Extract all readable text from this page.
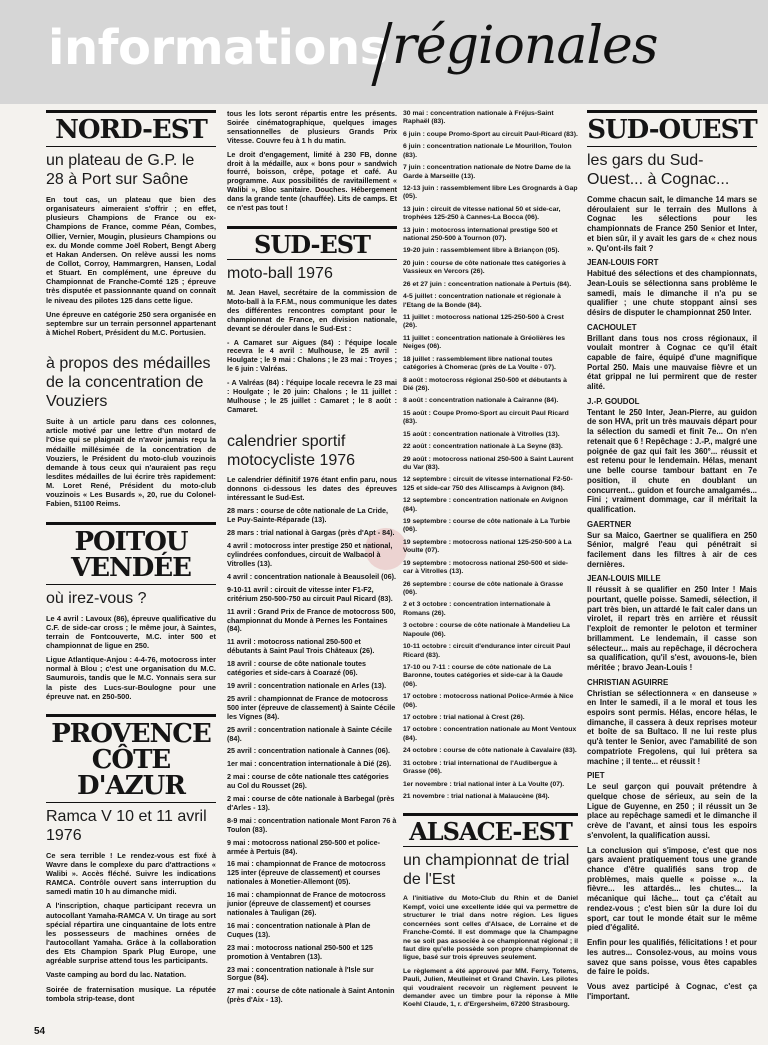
informations régionales
NORD-EST
un plateau de G.P. le 28 à Port sur Saône

En tout cas, un plateau que bien des organisateurs aimeraient s'offrir ; en effet, plusieurs Champions de France ou ex-Champions de France, comme Péan, Combes, Ollier, Vernier, Mougin, plusieurs Champions ou ex. du Monde comme Joël Robert, Bengt Aberg et Hakan Andersen. On relève aussi les noms de Collot, Corroy, Hammargren, Hansen, Lodal et Stuart. En complément, une épreuve du Championnat de Franche-Comté 125 ; épreuve très disputée et passionnante quand on connaît le niveau des pilotes 125 dans cette ligue.

Une épreuve en catégorie 250 sera organisée en septembre sur un terrain personnel appartenant à Michel Robert, Président du M.C. Portusien.

à propos des médailles de la concentration de Vouziers

Suite à un article paru dans ces colonnes, article motivé par une lettre d'un motard de l'Oise qui se plaignait de n'avoir jamais reçu la médaille millésimée de la concentration de Vouziers, le Président du moto-club vouzinois demande à tous ceux qui n'auraient pas reçu lesdites médailles de lui écrire très rapidement: M. Loret René, Président du moto-club vouzinois « Les Busards », 20, rue du Colonel-Fabien, 51100 Reims.

POITOU VENDÉE
où irez-vous ?

Le 4 avril : Lavoux (86), épreuve qualificative du C.F. de side-car cross ; le même jour, à Saintes, terrain de Fontcouverte, M.C. inter 500 et championnat de ligue en 250.

Ligue Atlantique-Anjou : 4-4-76, motocross inter normal à Blou ; c'est une organisation du M.C. Saumurois, tandis que le M.C. Yonnais sera sur la piste des Lucs-sur-Boulogne pour une épreuve nat. en 250-500.

PROVENCE CÔTE D'AZUR
Ramca V 10 et 11 avril 1976

Ce sera terrible ! Le rendez-vous est fixé à Wavre dans le complexe du parc d'attractions « Walibi ». Accès fléché. Suivre les indications RAMCA. Contrôle ouvert sans interruption du samedi matin 10 h au dimanche midi.

A l'inscription, chaque participant recevra un autocollant Yamaha-RAMCA V. Un tirage au sort spécial répartira une cinquantaine de lots entre les possesseurs de machines ornées de l'autocollant Yamaha. Grâce à la collaboration des Ets Champion Spark Plug Europe, une agréable surprise attend tous les participants.

Vaste camping au bord du lac. Natation.

Soirée de fraternisation musique. La réputée tombola strip-tease, dont

tous les lots seront répartis entre les présents. Soirée cinématographique, quelques images sensationnelles de plusieurs Grands Prix Vitesse. Couvre feu à 1 h du matin.

Le droit d'engagement, limité à 230 FB, donne droit à la médaille, aux « bons pour » sandwich fourré, boisson, crêpe, potage et café. Au programme. Aux possibilités de ravitaillement « Walibi », Bloc sanitaire. Douches. Hébergement dans la grande tente (chauffée). Lits de camps. Et ce n'est pas tout !

SUD-EST
moto-ball 1976

M. Jean Havel, secrétaire de la commission de Moto-ball à la F.F.M., nous communique les dates des différentes rencontres comptant pour le championnat de France, en division nationale, devant se dérouler dans le Sud-Est :

- A Camaret sur Aigues (84) : l'équipe locale recevra le 4 avril : Mulhouse, le 25 avril : Houlgate ; le 9 mai : Chalons ; le 23 mai : Troyes ; le 6 juin : Valréas.

- A Valréas (84) : l'équipe locale recevra le 23 mai : Houlgate ; le 20 juin: Chalons ; le 11 juillet : Mulhouse ; le 25 juillet : Camaret ; le 8 août : Camaret.

calendrier sportif motocycliste 1976

Le calendrier définitif 1976 étant enfin paru, nous donnons ci-dessous les dates des épreuves intéressant le Sud-Est.

28 mars : course de côte nationale de La Cride, Le Puy-Sainte-Réparade (13).

28 mars : trial national à Gargas (près d'Apt - 84).

4 avril : motocross inter prestige 250 et national, cylindrées confondues, circuit de Walbacol à Vitrolles (13).

4 avril : concentration nationale à Beausoleil (06).

9-10-11 avril : circuit de vitesse inter F1-F2, critérium 250-500-750 au circuit Paul Ricard (83).

11 avril : Grand Prix de France de motocross 500, championnat du Monde à Pernes les Fontaines (84).

11 avril : motocross national 250-500 et débutants à Saint Paul Trois Châteaux (26).

18 avril : course de côte nationale toutes catégories et side-cars à Coarazé (06).

19 avril : concentration nationale en Arles (13).

25 avril : championnat de France de motocross 500 inter (épreuve de classement) à Sainte Cécile les Vignes (84).

25 avril : concentration nationale à Sainte Cécile (84).

25 avril : concentration nationale à Cannes (06).

1er mai : concentration internationale à Dié (26).

2 mai : course de côte nationale ttes catégories au Col du Rousset (26).

2 mai : course de côte nationale à Barbegal (près d'Arles - 13).

8-9 mai : concentration nationale Mont Faron 76 à Toulon (83).

9 mai : motocross national 250-500 et police-armée à Pertuis (84).

16 mai : championnat de France de motocross 125 inter (épreuve de classement) et courses nationales à Monetier-Allemont (05).

16 mai : championnat de France de motocross junior (épreuve de classement) et courses nationales à Tauligan (26).

16 mai : concentration nationale à Plan de Cuques (13).

23 mai : motocross national 250-500 et 125 promotion à Ventabren (13).

23 mai : concentration nationale à l'Isle sur Sorgue (84).

27 mai : course de côte nationale à Saint Antonin (près d'Aix - 13).

30 mai : concentration nationale à Fréjus-Saint Raphaël (83).

6 juin : coupe Promo-Sport au circuit Paul-Ricard (83).

6 juin : concentration nationale Le Mourillon, Toulon (83).

7 juin : concentration nationale de Notre Dame de la Garde à Marseille (13).

12-13 juin : rassemblement libre Les Grognards à Gap (05).

13 juin : circuit de vitesse national 50 et side-car, trophées 125-250 à Cannes-La Bocca (06).

13 juin : motocross international prestige 500 et national 250-500 à Tournon (07).

19-20 juin : rassemblement libre à Briançon (05).

20 juin : course de côte nationale ttes catégories à Vassieux en Vercors (26).

26 et 27 juin : concentration nationale à Pertuis (84).

4-5 juillet : concentration nationale et régionale à l'Etang de la Bonde (84).

11 juillet : motocross national 125-250-500 à Crest (26).

11 juillet : concentration nationale à Gréolières les Neiges (06).

18 juillet : rassemblement libre national toutes catégories à Chomerac (près de La Voulte - 07).

8 août : motocross régional 250-500 et débutants à Dié (26).

8 août : concentration nationale à Cairanne (84).

15 août : Coupe Promo-Sport au circuit Paul Ricard (83).

15 août : concentration nationale à Vitrolles (13).

22 août : concentration nationale à La Seyne (83).

29 août : motocross national 250-500 à Saint Laurent du Var (83).

12 septembre : circuit de vitesse international F2-50-125 et side-car 750 des Alliscamps à Avignon (84).

12 septembre : concentration nationale en Avignon (84).

19 septembre : course de côte nationale à La Turbie (06).

19 septembre : motocross national 125-250-500 à La Voulte (07).

19 septembre : motocross national 250-500 et side-car à Vitrolles (13).

26 septembre : course de côte nationale à Grasse (06).

2 et 3 octobre : concentration internationale à Romans (26).

3 octobre : course de côte nationale à Mandelieu La Napoule (06).

10-11 octobre : circuit d'endurance inter circuit Paul Ricard (83).

17-10 ou 7-11 : course de côte nationale de La Baronne, toutes catégories et side-car à la Gaude (06).

17 octobre : motocross national Police-Armée à Nice (06).

17 octobre : trial national à Crest (26).

17 octobre : concentration nationale au Mont Ventoux (84).

24 octobre : course de côte nationale à Cavalaire (83).

31 octobre : trial international de l'Audibergue à Grasse (06).

1er novembre : trial national inter à La Voulte (07).

21 novembre : trial national à Malaucène (84).

ALSACE-EST
un championnat de trial de l'Est

A l'initiative du Moto-Club du Rhin et de Daniel Kempf, voici une excellente idée qui va permettre de structurer le trial dans notre région. Les ligues concernées sont celles d'Alsace, de Lorraine et de Franche-Comté. Il est dommage que la Champagne ne se soit pas associée à ce championnat régional ; il faut dire qu'elle possède son propre championnat de ligue, basé sur trois épreuves seulement.

Le règlement a été approuvé par MM. Ferry, Totems, Pauli, Julien, Meulleinet et Grand Chavin. Les pilotes qui voudraient recevoir un règlement peuvent le demander avec un timbre pour la réponse à Mlle Koehl Claude, 1, r. d'Ergersheim, 67200 Strasbourg.

SUD-OUEST
les gars du Sud-Ouest... à Cognac...

Comme chacun sait, le dimanche 14 mars se déroulaient sur le terrain des Mullons à Cognac les sélections pour les championnats de France 250 Senior et Inter, et bien sûr, il y avait les gars de « chez nous ». Qu'ont-ils fait ?

JEAN-LOUIS FORT

Habitué des sélections et des championnats, Jean-Louis se sélectionna sans problème le samedi, mais le dimanche il n'a pu se qualifier ; une chute stoppant ainsi ses désirs de disputer le championnat 250 Inter.

CACHOULET

Brillant dans tous nos cross régionaux, il voulait montrer à Cognac ce qu'il était capable de faire, équipé d'une magnifique Portal 250. Mais une mauvaise fièvre et un état grippal ne lui permirent que de rester alité.

J.-P. GOUDOL

Tentant le 250 Inter, Jean-Pierre, au guidon de son HVA, prit un très mauvais départ pour la sélection du samedi et finit 7e... On n'en retenait que 6 ! Repêchage : J.-P., malgré une poignée de gaz qui fait les 360°... réussit et est retenu pour le lendemain. Hélas, menant une belle course tambour battant en 7e position, il chute en doublant un concurrent... guidon et fourche amalgamés... Fini ; vraiment dommage, car il méritait la qualification.

GAERTNER

Sur sa Maico, Gaertner se qualifiera en 250 Sénior, malgré l'eau qui pénétrait si facilement dans les filtres à air de ces dernières.

JEAN-LOUIS MILLE

Il réussit à se qualifier en 250 Inter ! Mais pourtant, quelle poisse. Samedi, sélection, il part très bien, un attardé le fait caler dans un virolet, il repart très en arrière et réussit l'exploit de remonter le peloton et terminer brillamment. Le lendemain, il casse son sélecteur... mais au repêchage, il décrochera sa qualification, qu'il s'est, avouons-le, bien méritée ; bravo Jean-Louis !

CHRISTIAN AGUIRRE

Christian se sélectionnera « en danseuse » en Inter le samedi, il a le moral et tous les espoirs sont permis. Hélas, encore hélas, le dimanche, il cassera à deux reprises moteur et boîte de sa Bultaco. Il ne lui reste plus qu'à tenter le Senior, avec l'amabilité de son compatriote Fregolens, qui lui prêtera sa machine ; il tente... et réussit !

PIET

Le seul garçon qui pouvait prétendre à quelque chose de sérieux, au sein de la Ligue de Guyenne, en 250 ; il réussit un 3e place au repêchage samedi et le dimanche il crève de l'avant, et ainsi tous les espoirs s'envolent, la qualification aussi.

La conclusion qui s'impose, c'est que nos gars avaient pratiquement tous une grande chance d'être qualifiés sans trop de problèmes, mais quelle « poisse »... la fièvre... les attardés... les chutes... la mécanique qui lâche... tout ça c'était au rendez-vous ; c'est bien sûr la dure loi du sport, car tout le monde était sur le même pied d'égalité.

Enfin pour les qualifiés, félicitations ! et pour les autres... Consolez-vous, au moins vous savez que sans poisse, vous êtes capables de faire le poids.

Vous avez participé à Cognac, c'est ça l'important.

54
